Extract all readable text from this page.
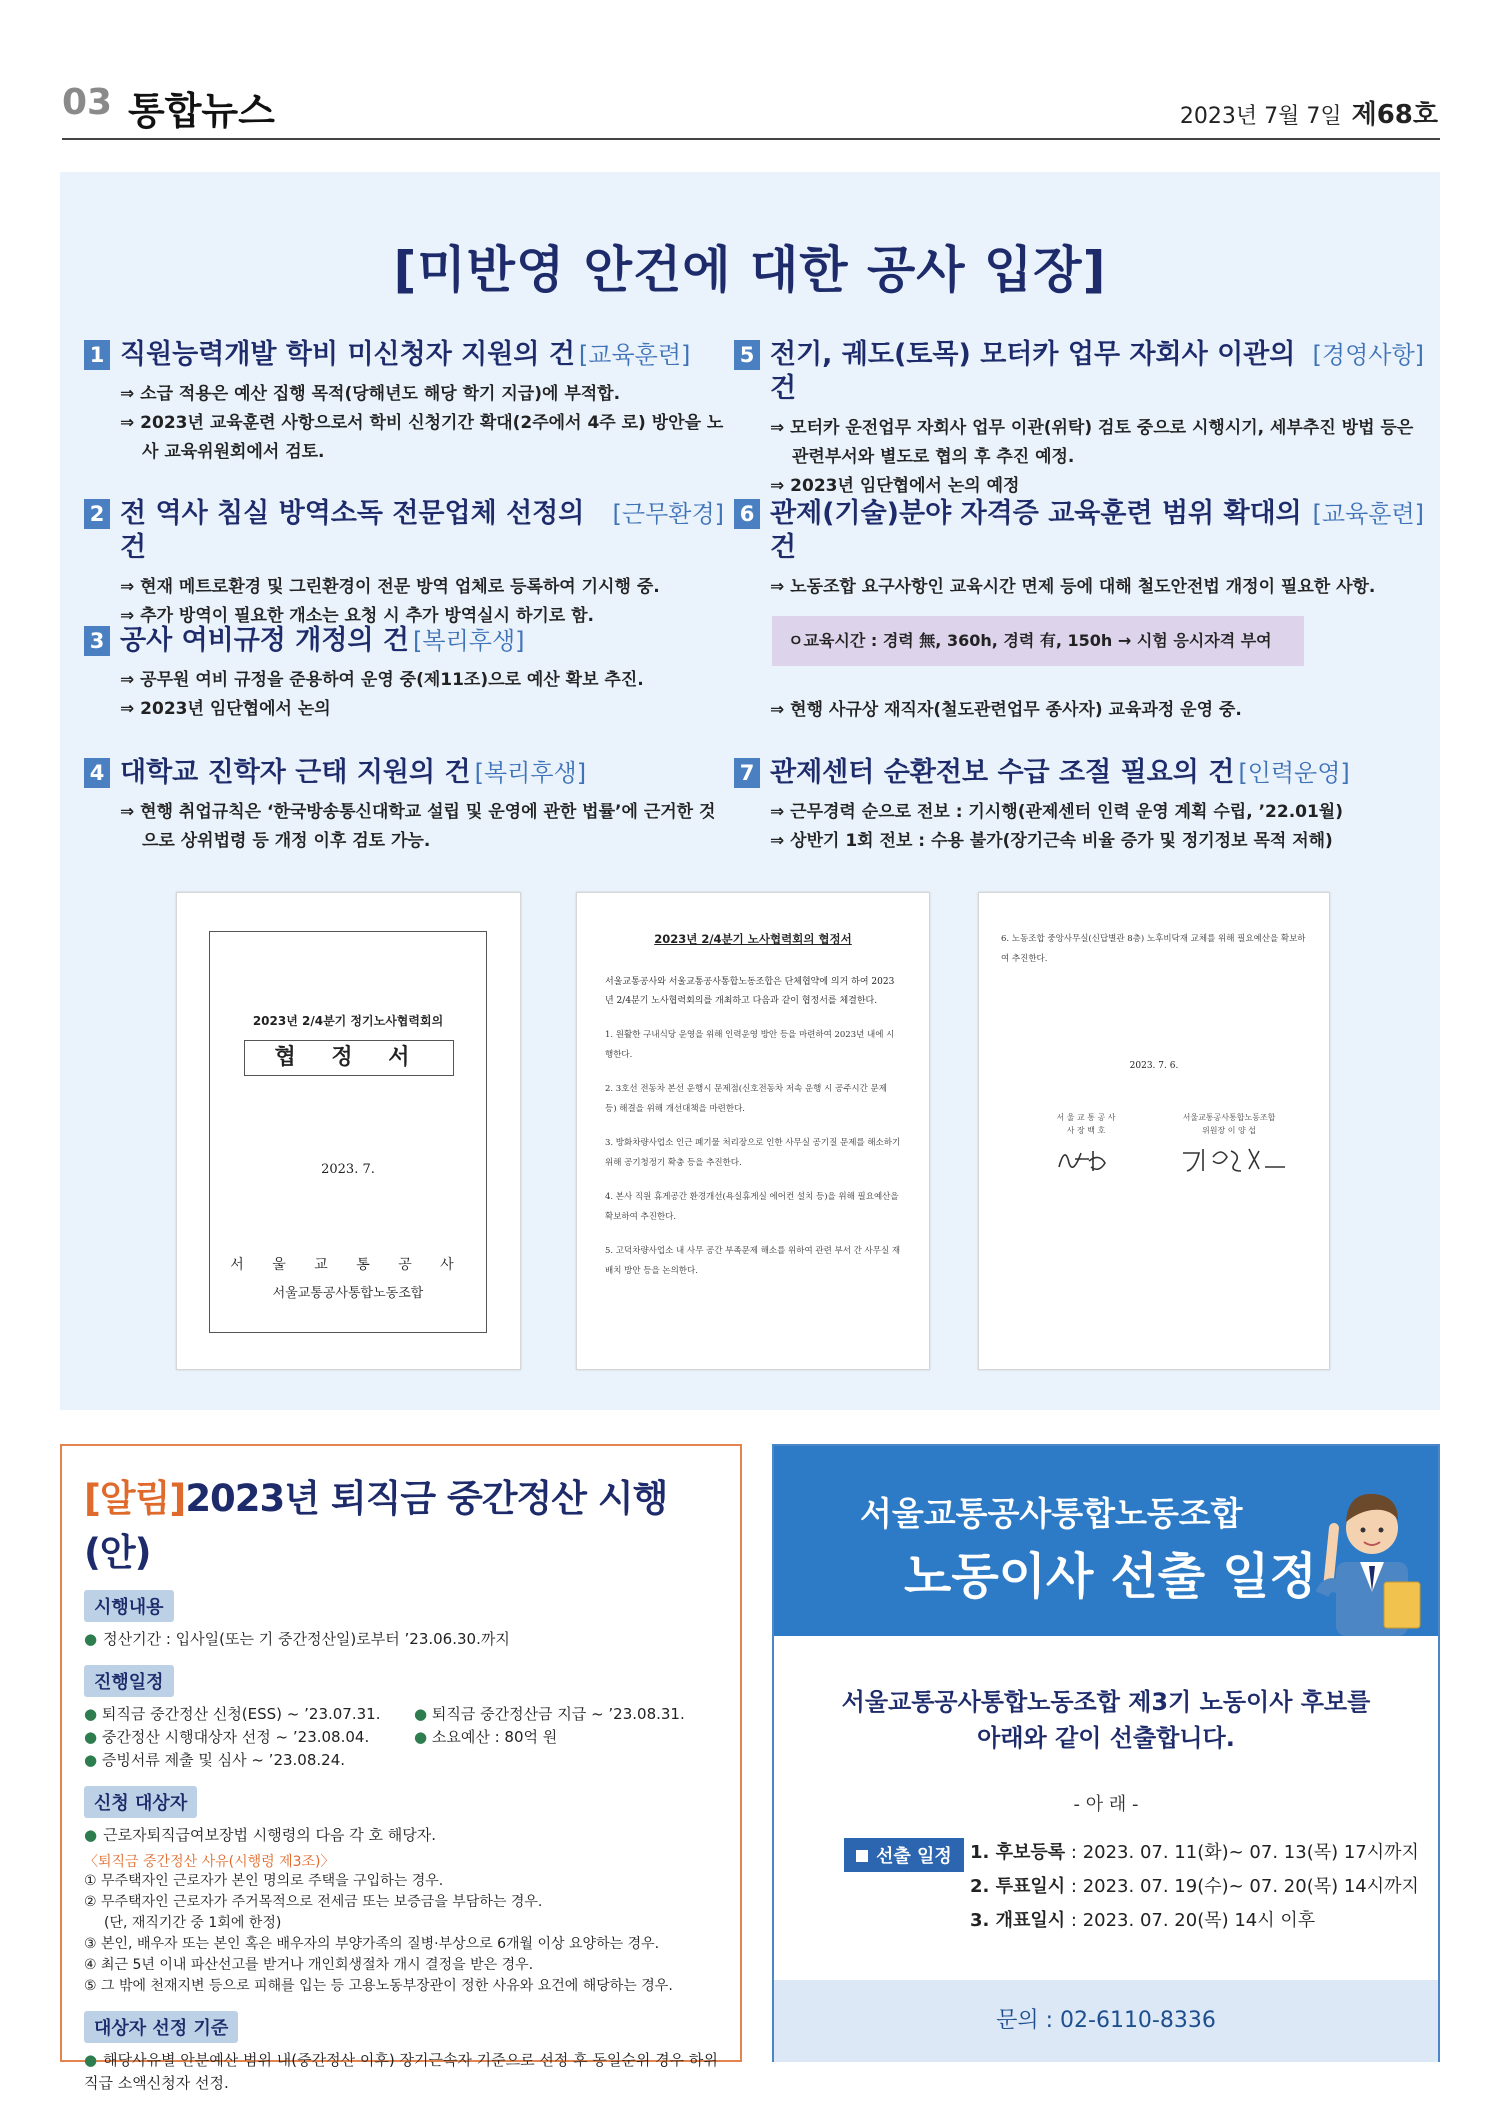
03 통합뉴스	2023년 7월 7일 제68호
[미반영 안건에 대한 공사 입장]
1 직원능력개발 학비 미신청자 지원의 건 [교육훈련]
⇒ 소급 적용은 예산 집행 목적(당해년도 해당 학기 지급)에 부적합.
⇒ 2023년 교육훈련 사항으로서 학비 신청기간 확대(2주에서 4주 로) 방안을 노사 교육위원회에서 검토.
2 전 역사 침실 방역소독 전문업체 선정의 건
[근무환경]
⇒ 현재 메트로환경 및 그린환경이 전문 방역 업체로 등록하여 기시행 중.
⇒ 추가 방역이 필요한 개소는 요청 시 추가 방역실시 하기로 함.
3 공사 여비규정 개정의 건 [복리후생]
⇒ 공무원 여비 규정을 준용하여 운영 중(제11조)으로 예산 확보 추진.
⇒ 2023년 임단협에서 논의
4 대학교 진학자 근태 지원의 건 [복리후생]
⇒ 현행 취업규칙은 ‘한국방송통신대학교 설립 및 운영에 관한 법률’에 근거한 것으로 상위법령 등 개정 이후 검토 가능.
5 전기, 궤도(토목) 모터카 업무 자회사 이관의 건
[경영사항]
⇒ 모터카 운전업무 자회사 업무 이관(위탁) 검토 중으로 시행시기, 세부추진 방법 등은 관련부서와 별도로 협의 후 추진 예정.
⇒ 2023년 임단협에서 논의 예정
6 관제(기술)분야 자격증 교육훈련 범위 확대의 건
[교육훈련]
⇒ 노동조합 요구사항인 교육시간 면제 등에 대해 철도안전법 개정이 필요한 사항.
ㅇ교육시간 : 경력 無, 360h, 경력 有, 150h → 시험 응시자격 부여
⇒ 현행 사규상 재직자(철도관련업무 종사자) 교육과정 운영 중.
7 관제센터 순환전보 수급 조절 필요의 건 [인력운영]
⇒ 근무경력 순으로 전보 : 기시행(관제센터 인력 운영 계획 수립, ’22.01월)
⇒ 상반기 1회 전보 : 수용 불가(장기근속 비율 증가 및 정기정보 목적 저해)
2023년 2/4분기 정기노사협력회의
협 정 서
2023. 7.
서 울 교 통 공 사
서울교통공사통합노동조합
2023년 2/4분기 노사협력회의 협정서
서울교통공사와 서울교통공사통합노동조합은 단체협약에 의거 하여 2023년 2/4분기 노사협력회의를 개최하고 다음과 같이 협정서를 체결한다.
1. 원활한 구내식당 운영을 위해 인력운영 방안 등을 마련하여 2023년 내에 시행한다.
2. 3호선 전동차 본선 운행시 문제점(신호전동차 저속 운행 시 공주시간 문제 등) 해결을 위해 개선대책을 마련한다.
3. 방화차량사업소 인근 폐기물 처리장으로 인한 사무실 공기질 문제를 해소하기 위해 공기청정기 확충 등을 추진한다.
4. 본사 직원 휴게공간 환경개선(욕실휴게실 에어컨 설치 등)을 위해 필요예산을 확보하여 추진한다.
5. 고덕차량사업소 내 사무 공간 부족문제 해소를 위하여 관련 부서 간 사무실 재배치 방안 등을 논의한다.
6. 노동조합 중앙사무실(신답별관 8층) 노후비닥재 교체를 위해 필요예산을 확보하여 추진한다.
2023. 7. 6.
서 울 교 통 공 사
사 장 백 호
서울교통공사통합노동조합
위원장 이 양 섭
[알림]2023년 퇴직금 중간정산 시행(안)
시행내용
● 정산기간 : 입사일(또는 기 중간정산일)로부터 ’23.06.30.까지
진행일정
● 퇴직금 중간정산 신청(ESS) ~ ’23.07.31.	● 퇴직금 중간정산금 지급 ~ ’23.08.31.
● 중간정산 시행대상자 선정 ~ ’23.08.04.	● 소요예산 : 80억 원
● 증빙서류 제출 및 심사 ~ ’23.08.24.
신청 대상자
● 근로자퇴직급여보장법 시행령의 다음 각 호 해당자.
〈퇴직금 중간정산 사유(시행령 제3조)〉
① 무주택자인 근로자가 본인 명의로 주택을 구입하는 경우.
② 무주택자인 근로자가 주거목적으로 전세금 또는 보증금을 부담하는 경우.
(단, 재직기간 중 1회에 한정)
③ 본인, 배우자 또는 본인 혹은 배우자의 부양가족의 질병·부상으로 6개월 이상 요양하는 경우.
④ 최근 5년 이내 파산선고를 받거나 개인회생절차 개시 결정을 받은 경우.
⑤ 그 밖에 천재지변 등으로 피해를 입는 등 고용노동부장관이 정한 사유와 요건에 해당하는 경우.
대상자 선정 기준
● 해당사유별 안분예산 범위 내(중간정산 이후) 장기근속자 기준으로 선정 후 동일순위 경우 하위직급 소액신청자 선정.
서울교통공사통합노동조합
노동이사 선출 일정
서울교통공사통합노동조합 제3기 노동이사 후보를
아래와 같이 선출합니다.
- 아 래 -
선출 일정	1. 후보등록 : 2023. 07. 11(화)~ 07. 13(목) 17시까지
2. 투표일시 : 2023. 07. 19(수)~ 07. 20(목) 14시까지
3. 개표일시 : 2023. 07. 20(목) 14시 이후
문의 : 02-6110-8336
